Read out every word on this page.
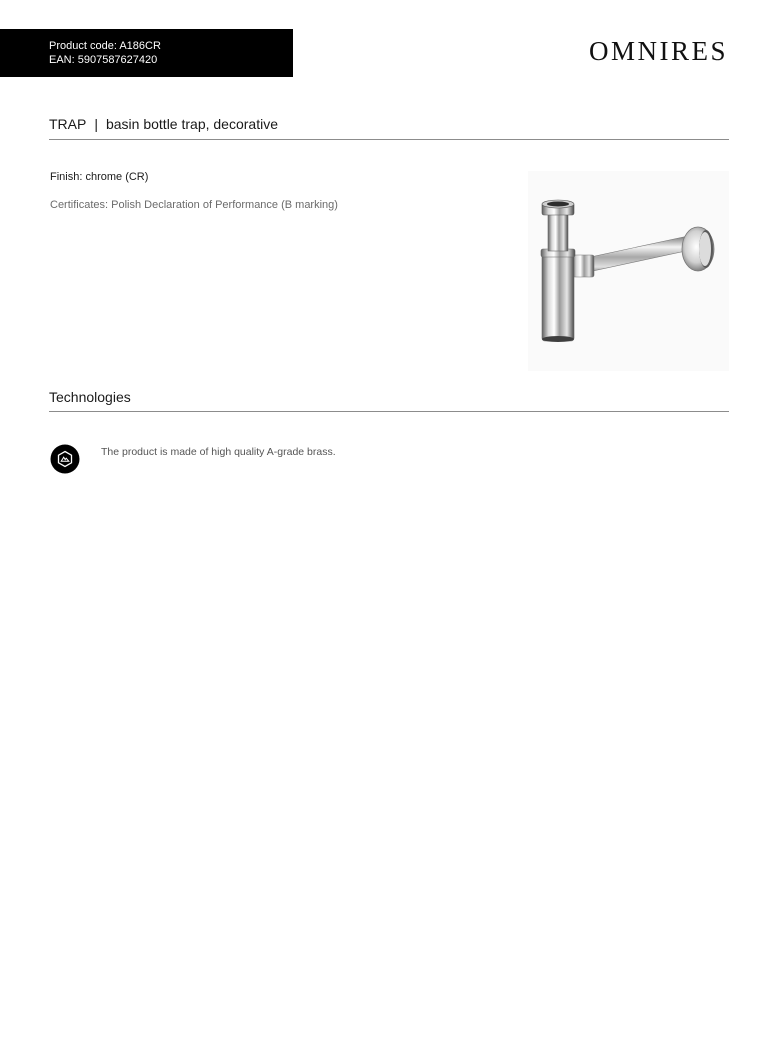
Product code: A186CR
EAN: 5907587627420	OMNIRES
TRAP | basin bottle trap, decorative
Finish: chrome (CR)
Certificates: Polish Declaration of Performance (B marking)
Technologies
The product is made of high quality A-grade brass.
